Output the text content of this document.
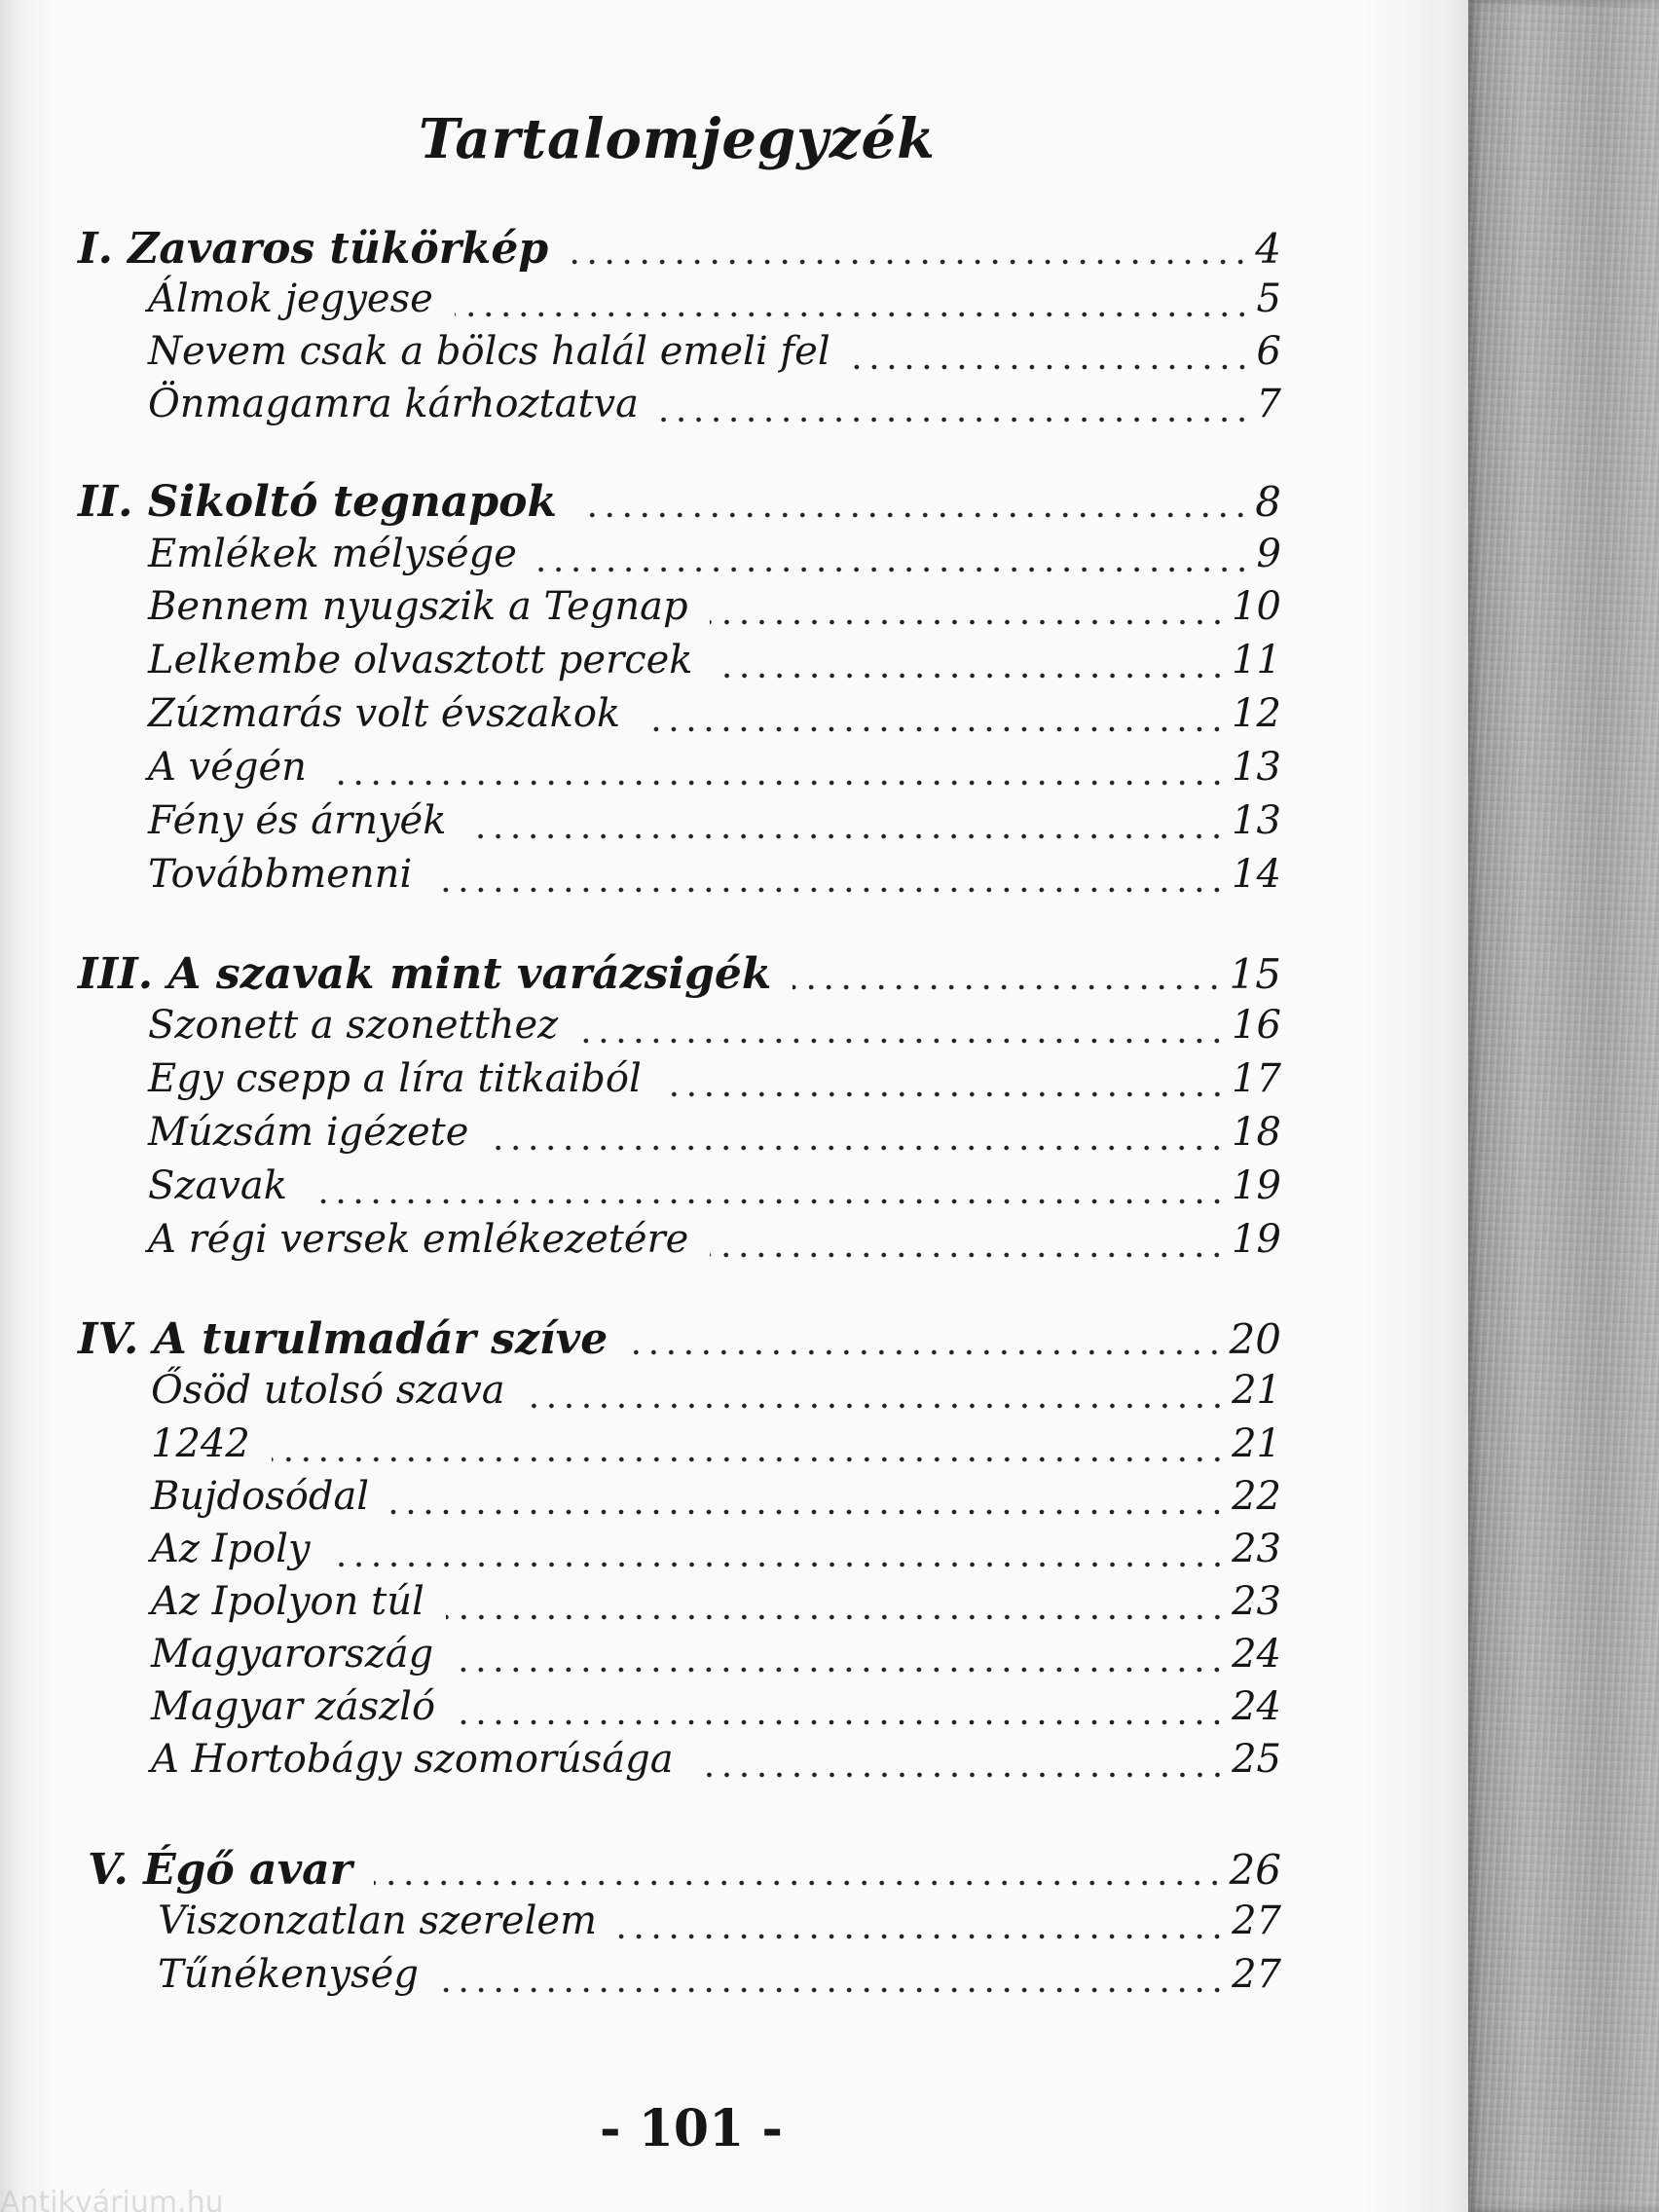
Tartalomjegyzék
I. Zavaros tükörkép	4
Álmok jegyese	5
Nevem csak a bölcs halál emeli fel	6
Önmagamra kárhoztatva	7
II. Sikoltó tegnapok	8
Emlékek mélysége	9
Bennem nyugszik a Tegnap	10
Lelkembe olvasztott percek	11
Zúzmarás volt évszakok	12
A végén	13
Fény és árnyék	13
Továbbmenni	14
III. A szavak mint varázsigék	15
Szonett a szonetthez	16
Egy csepp a líra titkaiból	17
Múzsám igézete	18
Szavak	19
A régi versek emlékezetére	19
IV. A turulmadár szíve	20
Ősöd utolsó szava	21
1242	21
Bujdosódal	22
Az Ipoly	23
Az Ipolyon túl	23
Magyarország	24
Magyar zászló	24
A Hortobágy szomorúsága	25
V. Égő avar	26
Viszonzatlan szerelem	27
Tűnékenység	27
- 101 -
Antikvárium.hu
